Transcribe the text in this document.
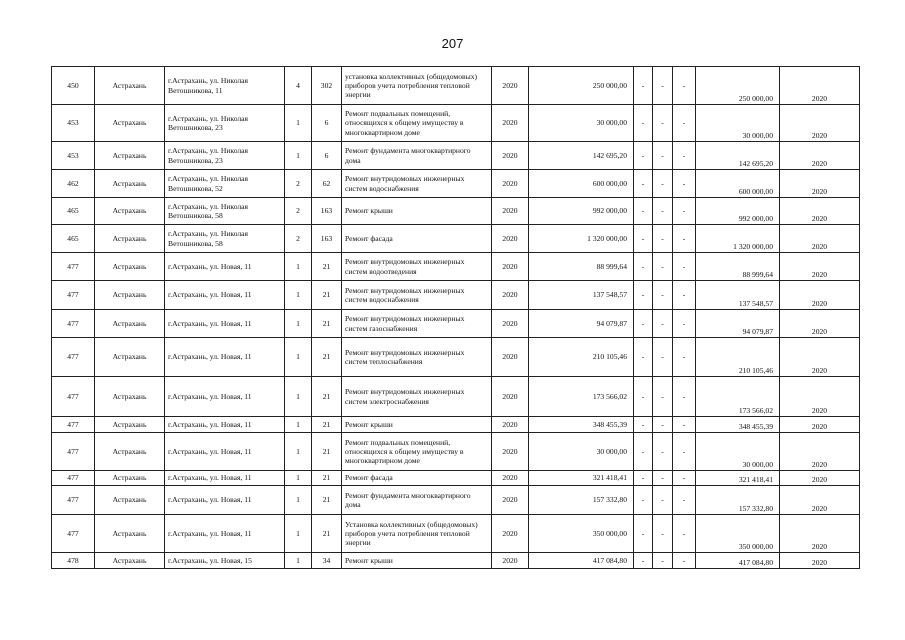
207
450	Астрахань	г.Астрахань, ул. Николая Ветошникова, 11	4	302	установка коллективных (общедомовых) приборов учета потребления тепловой энергии	2020	250 000,00	-	-	-	250 000,00	2020
453	Астрахань	г.Астрахань, ул. Николая Ветошникова, 23	1	6	Ремонт подвальных помещений, относящихся к общему имуществу в многоквартирном доме	2020	30 000,00	-	-	-	30 000,00	2020
453	Астрахань	г.Астрахань, ул. Николая Ветошникова, 23	1	6	Ремонт фундамента многоквартирного дома	2020	142 695,20	-	-	-	142 695,20	2020
462	Астрахань	г.Астрахань, ул. Николая Ветошникова, 52	2	62	Ремонт внутридомовых инженерных систем водоснабжения	2020	600 000,00	-	-	-	600 000,00	2020
465	Астрахань	г.Астрахань, ул. Николая Ветошникова, 58	2	163	Ремонт крыши	2020	992 000,00	-	-	-	992 000,00	2020
465	Астрахань	г.Астрахань, ул. Николая Ветошникова, 58	2	163	Ремонт фасада	2020	1 320 000,00	-	-	-	1 320 000,00	2020
477	Астрахань	г.Астрахань, ул. Новая, 11	1	21	Ремонт внутридомовых инженерных систем водоотведения	2020	88 999,64	-	-	-	88 999,64	2020
477	Астрахань	г.Астрахань, ул. Новая, 11	1	21	Ремонт внутридомовых инженерных систем водоснабжения	2020	137 548,57	-	-	-	137 548,57	2020
477	Астрахань	г.Астрахань, ул. Новая, 11	1	21	Ремонт внутридомовых инженерных систем газоснабжения	2020	94 079,87	-	-	-	94 079,87	2020
477	Астрахань	г.Астрахань, ул. Новая, 11	1	21	Ремонт внутридомовых инженерных систем теплоснабжения	2020	210 105,46	-	-	-	210 105,46	2020
477	Астрахань	г.Астрахань, ул. Новая, 11	1	21	Ремонт внутридомовых инженерных систем электроснабжения	2020	173 566,02	-	-	-	173 566,02	2020
477	Астрахань	г.Астрахань, ул. Новая, 11	1	21	Ремонт крыши	2020	348 455,39	-	-	-	348 455,39	2020
477	Астрахань	г.Астрахань, ул. Новая, 11	1	21	Ремонт подвальных помещений, относящихся к общему имуществу в многоквартирном доме	2020	30 000,00	-	-	-	30 000,00	2020
477	Астрахань	г.Астрахань, ул. Новая, 11	1	21	Ремонт фасада	2020	321 418,41	-	-	-	321 418,41	2020
477	Астрахань	г.Астрахань, ул. Новая, 11	1	21	Ремонт фундамента многоквартирного дома	2020	157 332,80	-	-	-	157 332,80	2020
477	Астрахань	г.Астрахань, ул. Новая, 11	1	21	Установка коллективных (общедомовых) приборов учета потребления тепловой энергии	2020	350 000,00	-	-	-	350 000,00	2020
478	Астрахань	г.Астрахань, ул. Новая, 15	1	34	Ремонт крыши	2020	417 084,80	-	-	-	417 084,80	2020
